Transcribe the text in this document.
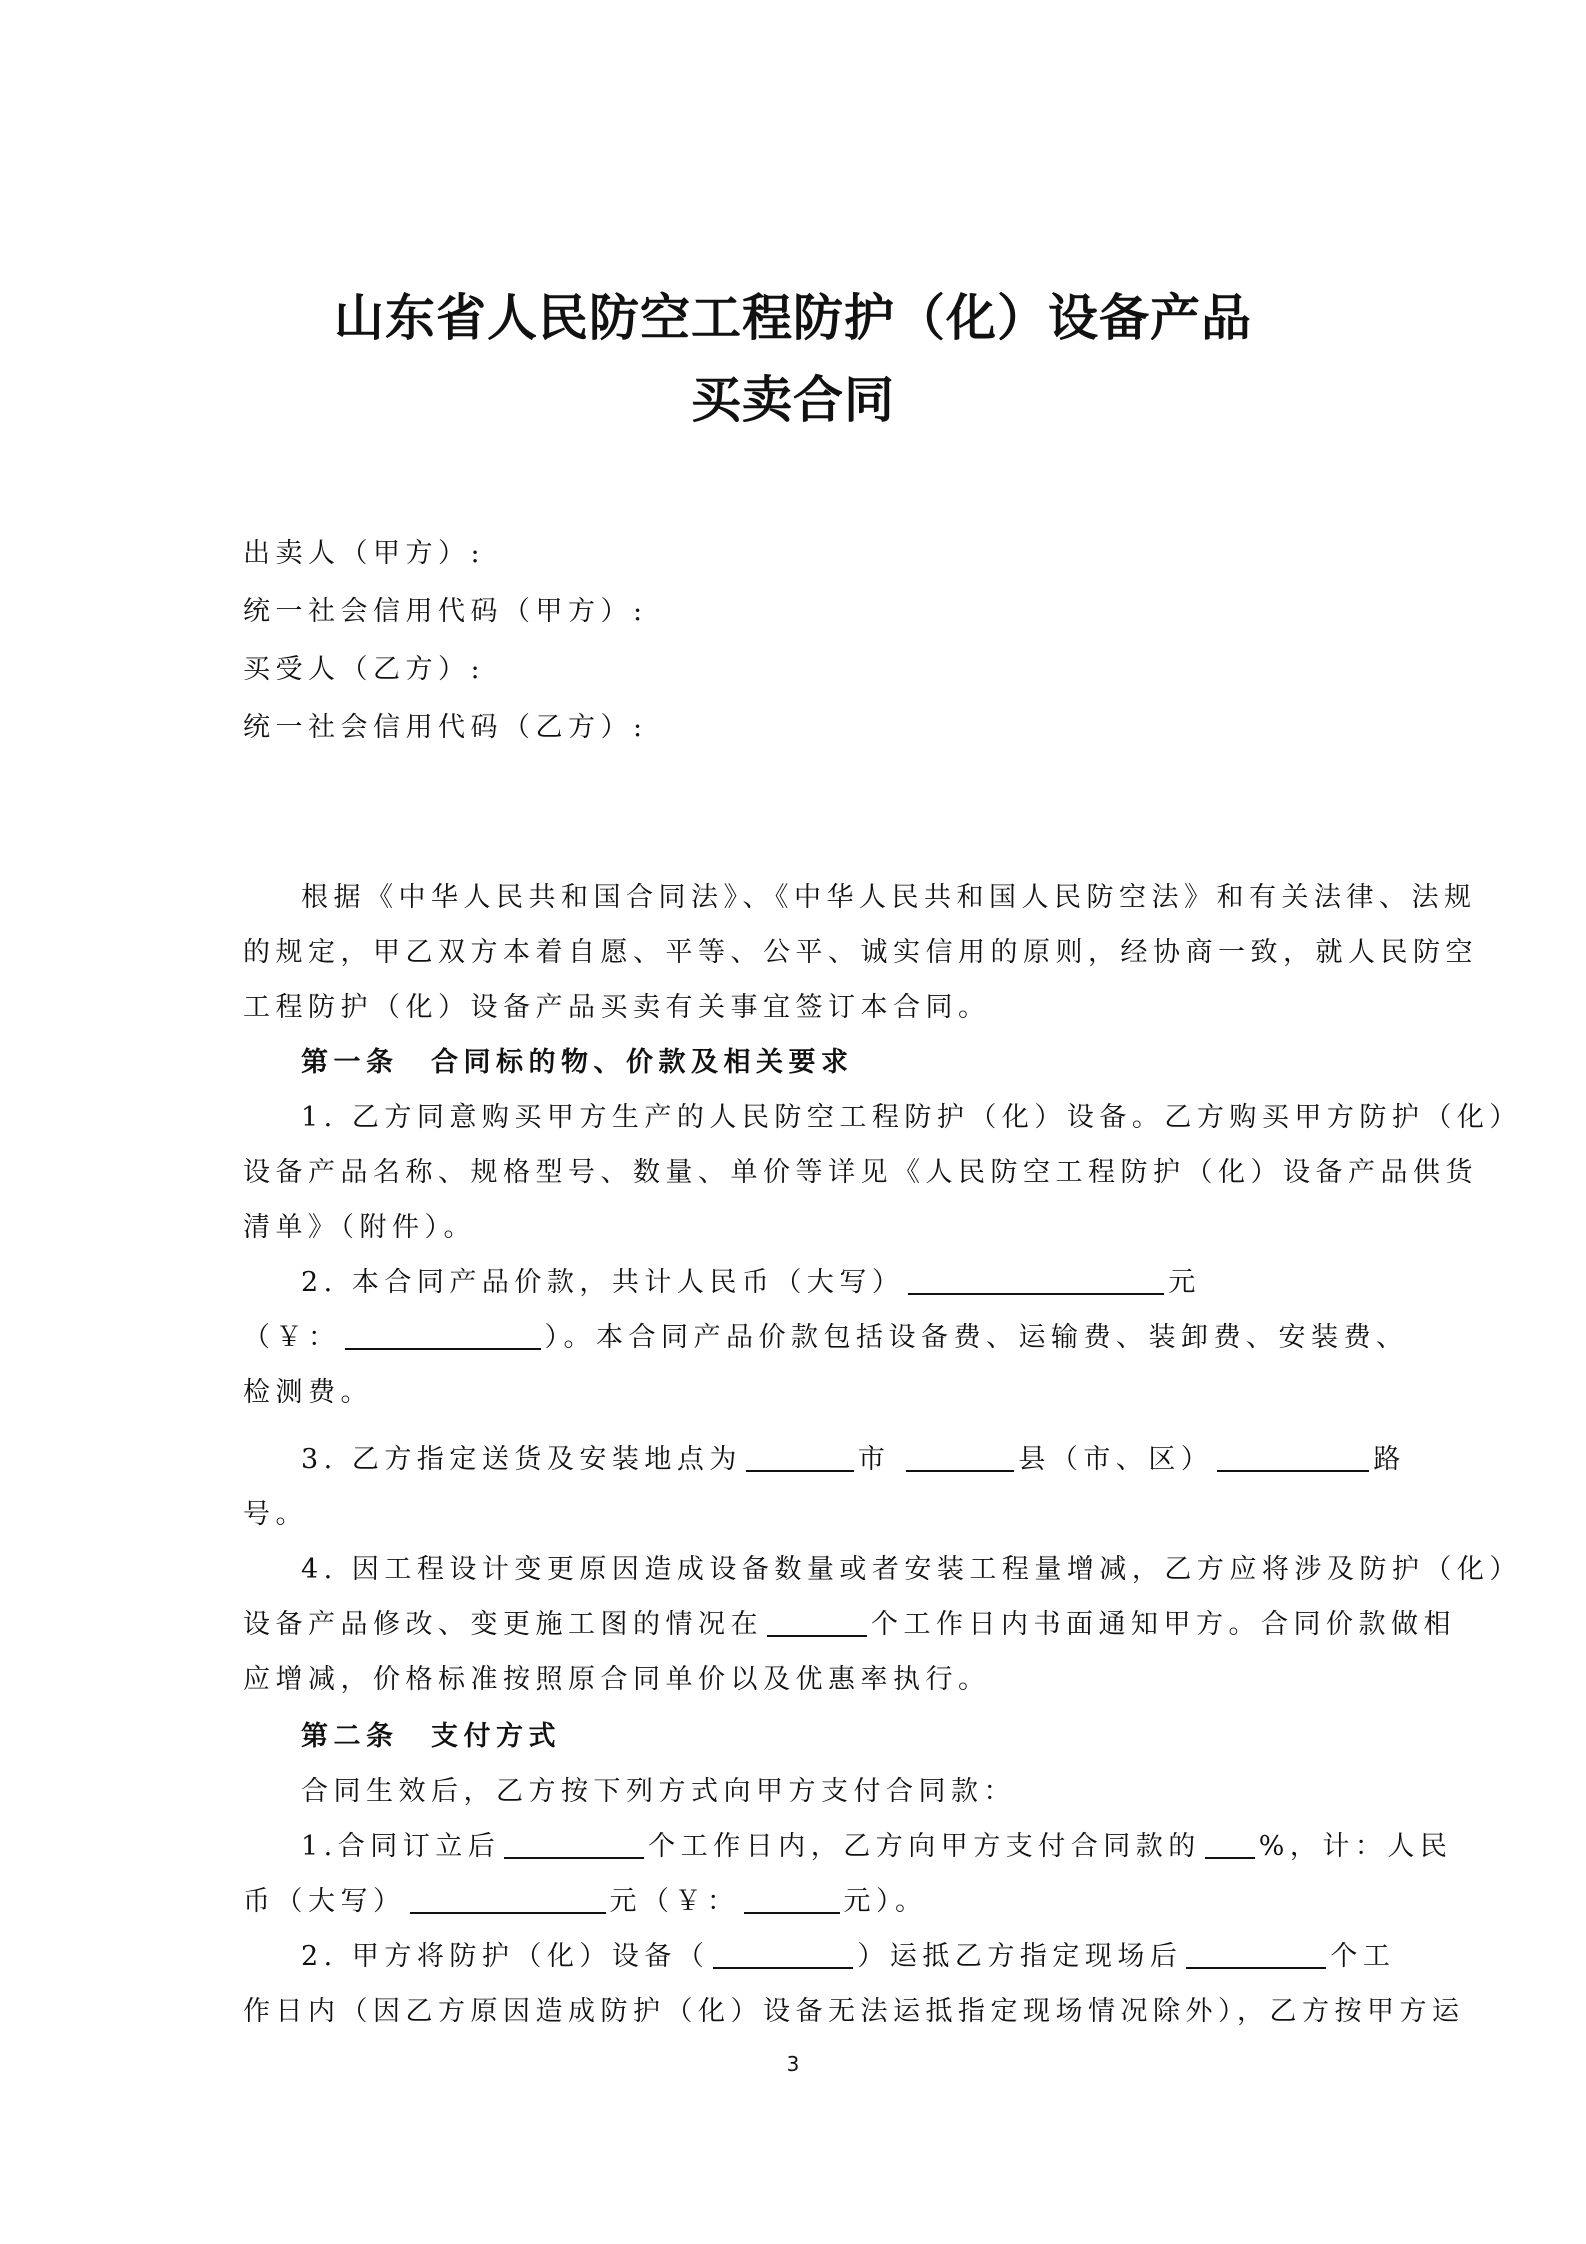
山东省人民防空工程防护（化）设备产品
买卖合同
出卖人（甲方）:
统一社会信用代码（甲方）:
买受人（乙方）:
统一社会信用代码（乙方）:
根据《中华人民共和国合同法》、《中华人民共和国人民防空法》和有关法律、法规
的规定，甲乙双方本着自愿、平等、公平、诚实信用的原则，经协商一致，就人民防空
工程防护（化）设备产品买卖有关事宜签订本合同。
第一条　合同标的物、价款及相关要求
1. 乙方同意购买甲方生产的人民防空工程防护（化）设备。乙方购买甲方防护（化）
设备产品名称、规格型号、数量、单价等详见《人民防空工程防护（化）设备产品供货
清单》（附件）。
2. 本合同产品价款，共计人民币（大写）	元
（￥：	）。本合同产品价款包括设备费、运输费、装卸费、安装费、
检测费。
3. 乙方指定送货及安装地点为	市	县（市、区）	路
号。
4. 因工程设计变更原因造成设备数量或者安装工程量增减，乙方应将涉及防护（化）
设备产品修改、变更施工图的情况在	个工作日内书面通知甲方。合同价款做相
应增减，价格标准按照原合同单价以及优惠率执行。
第二条　支付方式
合同生效后，乙方按下列方式向甲方支付合同款：
1.合同订立后	个工作日内，乙方向甲方支付合同款的 %，计：人民
币（大写）	元（￥：	元）。
2. 甲方将防护（化）设备（	）运抵乙方指定现场后	个工
作日内（因乙方原因造成防护（化）设备无法运抵指定现场情况除外），乙方按甲方运
3
